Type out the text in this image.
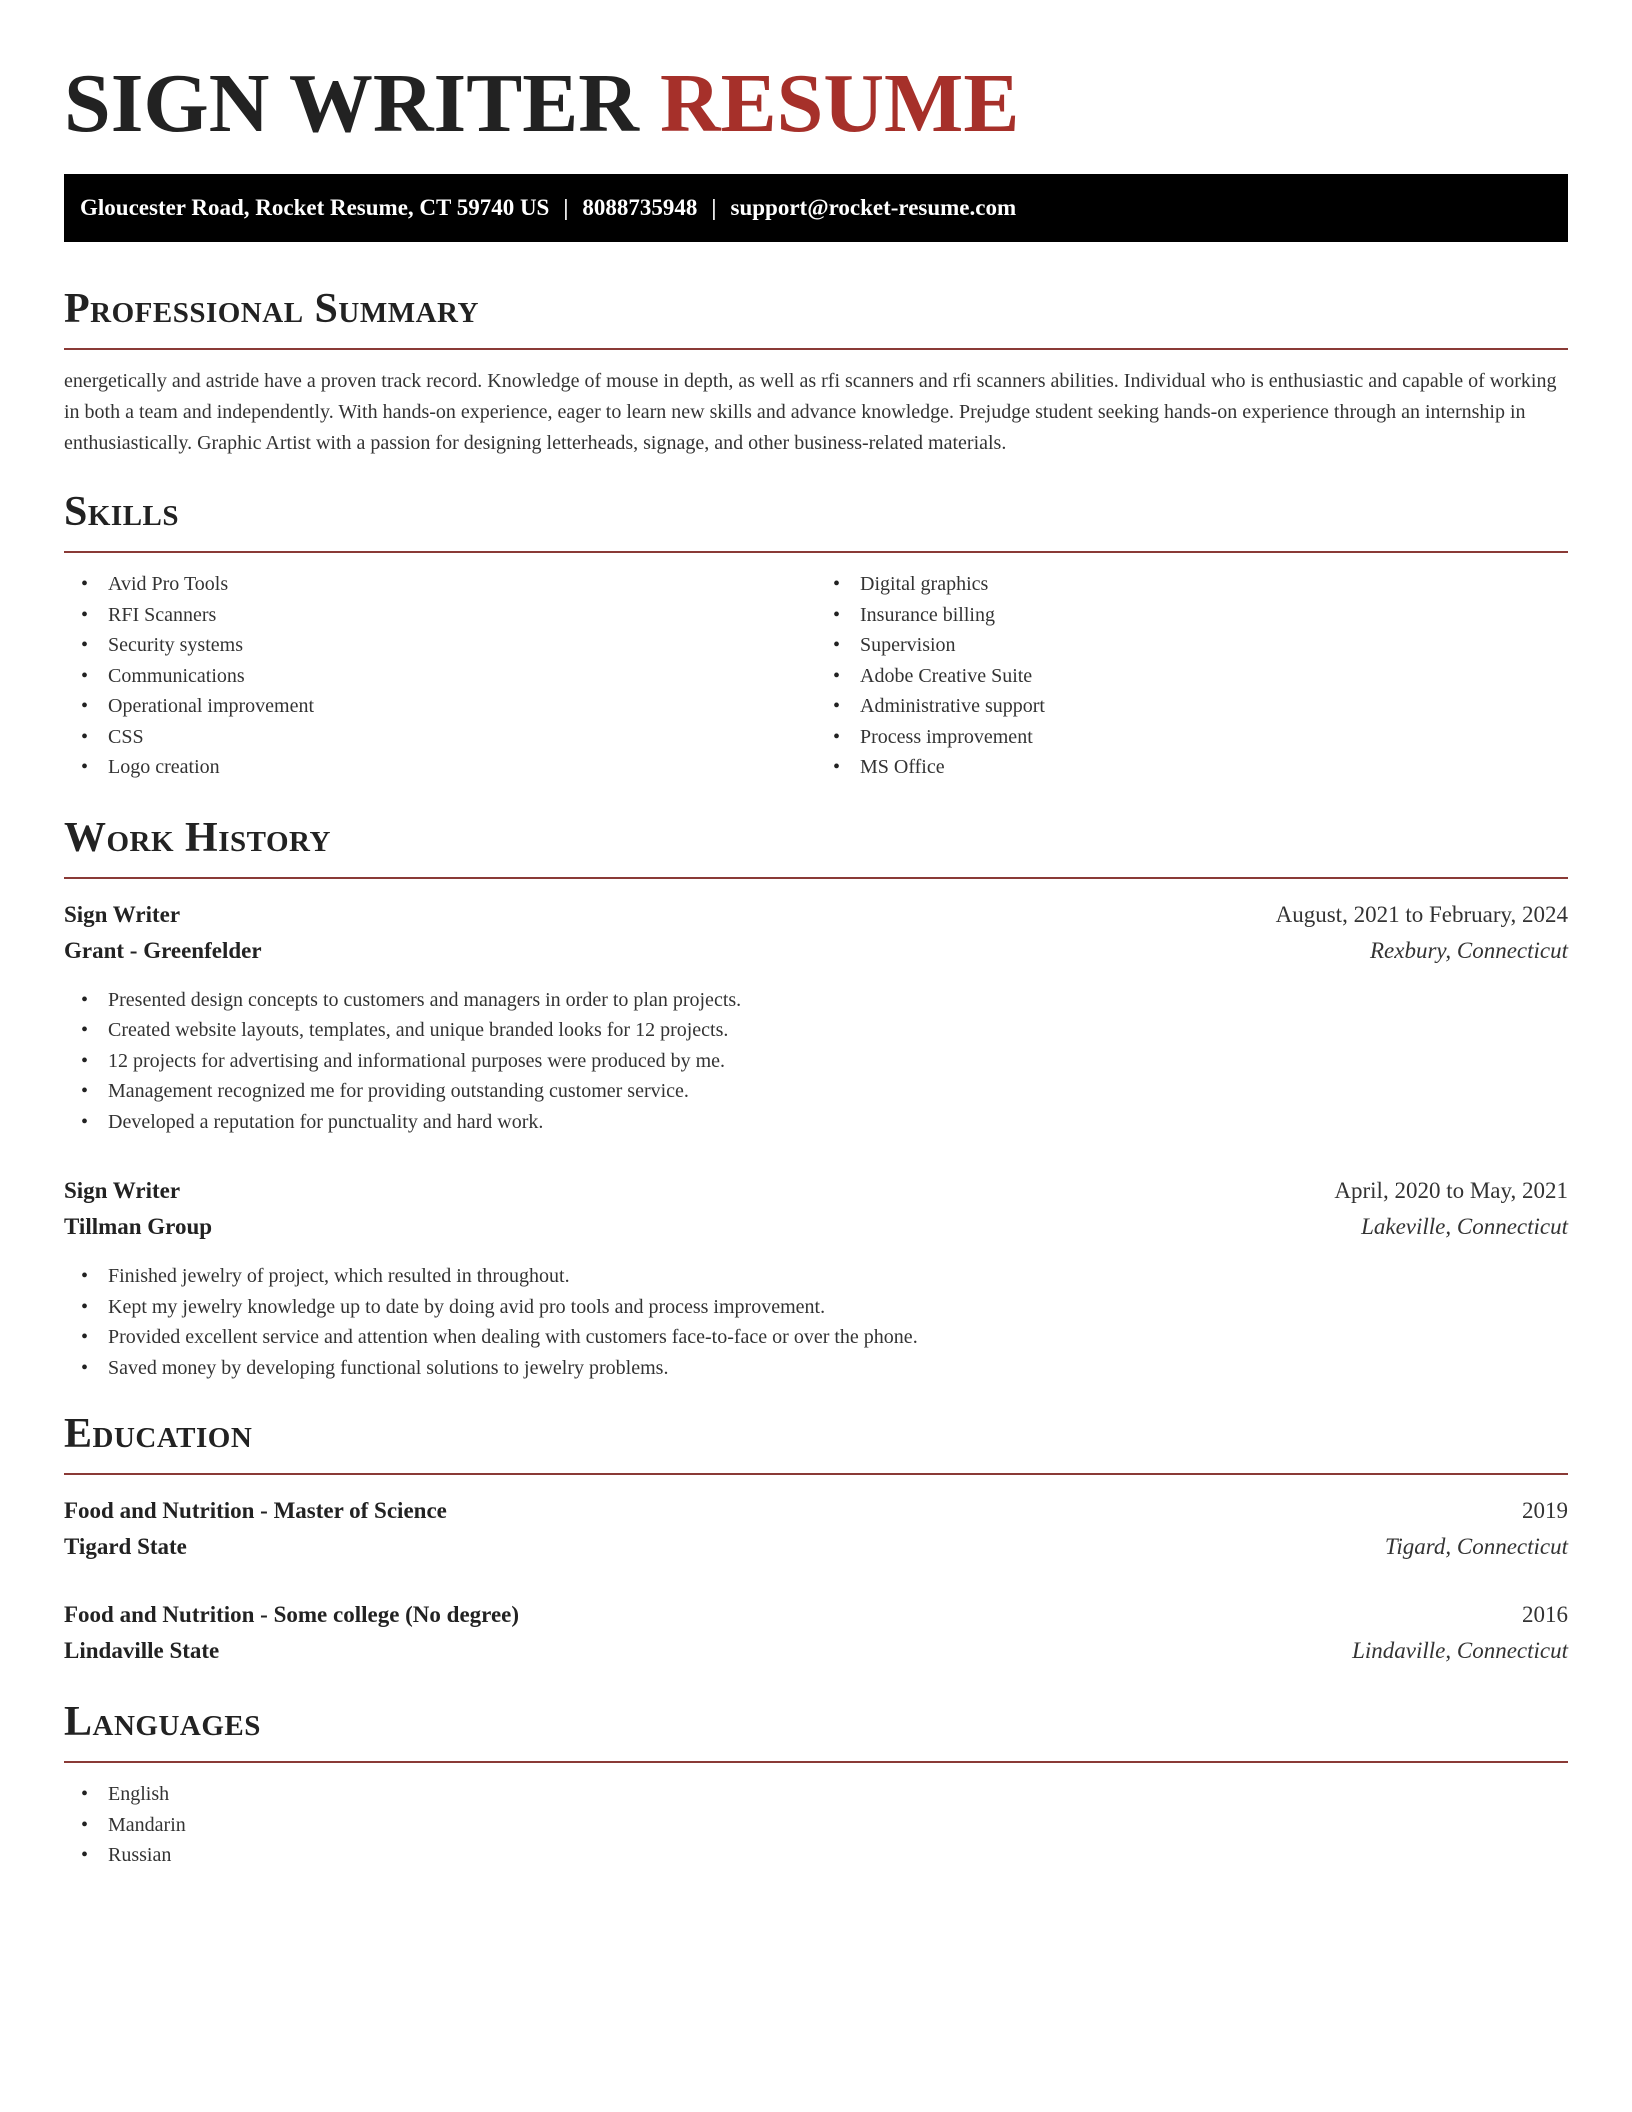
SIGN WRITER RESUME
Gloucester Road, Rocket Resume, CT 59740 US | 8088735948 | support@rocket-resume.com
Professional Summary
energetically and astride have a proven track record. Knowledge of mouse in depth, as well as rfi scanners and rfi scanners abilities. Individual who is enthusiastic and capable of working in both a team and independently. With hands-on experience, eager to learn new skills and advance knowledge. Prejudge student seeking hands-on experience through an internship in enthusiastically. Graphic Artist with a passion for designing letterheads, signage, and other business-related materials.
Skills
• Avid Pro Tools
• RFI Scanners
• Security systems
• Communications
• Operational improvement
• CSS
• Logo creation
• Digital graphics
• Insurance billing
• Supervision
• Adobe Creative Suite
• Administrative support
• Process improvement
• MS Office
Work History
Sign Writer	August, 2021 to February, 2024
Grant - Greenfelder	Rexbury, Connecticut
• Presented design concepts to customers and managers in order to plan projects.
• Created website layouts, templates, and unique branded looks for 12 projects.
• 12 projects for advertising and informational purposes were produced by me.
• Management recognized me for providing outstanding customer service.
• Developed a reputation for punctuality and hard work.
Sign Writer	April, 2020 to May, 2021
Tillman Group	Lakeville, Connecticut
• Finished jewelry of project, which resulted in throughout.
• Kept my jewelry knowledge up to date by doing avid pro tools and process improvement.
• Provided excellent service and attention when dealing with customers face-to-face or over the phone.
• Saved money by developing functional solutions to jewelry problems.
Education
Food and Nutrition - Master of Science	2019
Tigard State	Tigard, Connecticut
Food and Nutrition - Some college (No degree)	2016
Lindaville State	Lindaville, Connecticut
Languages
• English
• Mandarin
• Russian
